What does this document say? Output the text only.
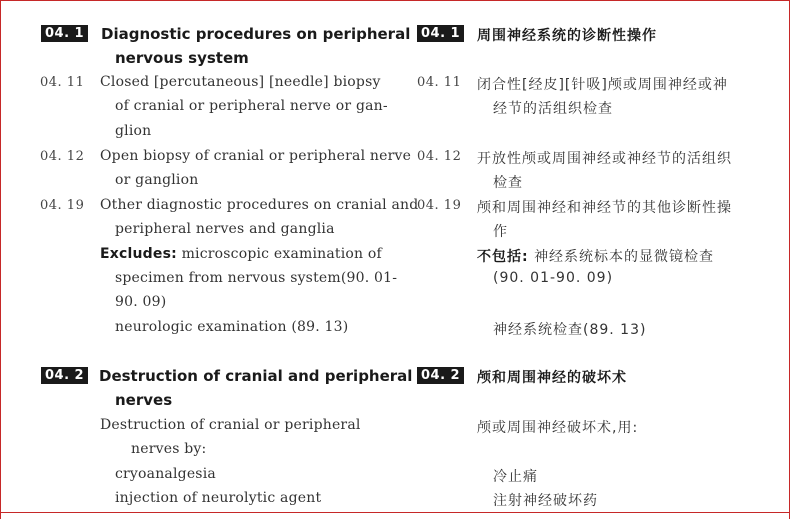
04. 1 Diagnostic procedures on peripheral
nervous system
04. 1 周围神经系统的诊断性操作
04. 11 Closed [percutaneous] [needle] biopsy
of cranial or peripheral nerve or gan-
glion
04. 11 闭合性[经皮][针吸]颅或周围神经或神
经节的活组织检查
04. 12 Open biopsy of cranial or peripheral nerve
or ganglion
04. 12 开放性颅或周围神经或神经节的活组织
检查
04. 19 Other diagnostic procedures on cranial and
peripheral nerves and ganglia
04. 19 颅和周围神经和神经节的其他诊断性操
作
Excludes: microscopic examination of
specimen from nervous system(90. 01-
90. 09)
neurologic examination (89. 13)
不包括: 神经系统标本的显微镜检查
(90. 01-90. 09)
神经系统检查(89. 13)
04. 2 Destruction of cranial and peripheral
nerves
Destruction of cranial or peripheral
nerves by:
cryoanalgesia
injection of neurolytic agent
04. 2 颅和周围神经的破坏术
颅或周围神经破坏术,用:
冷止痛
注射神经破坏药
